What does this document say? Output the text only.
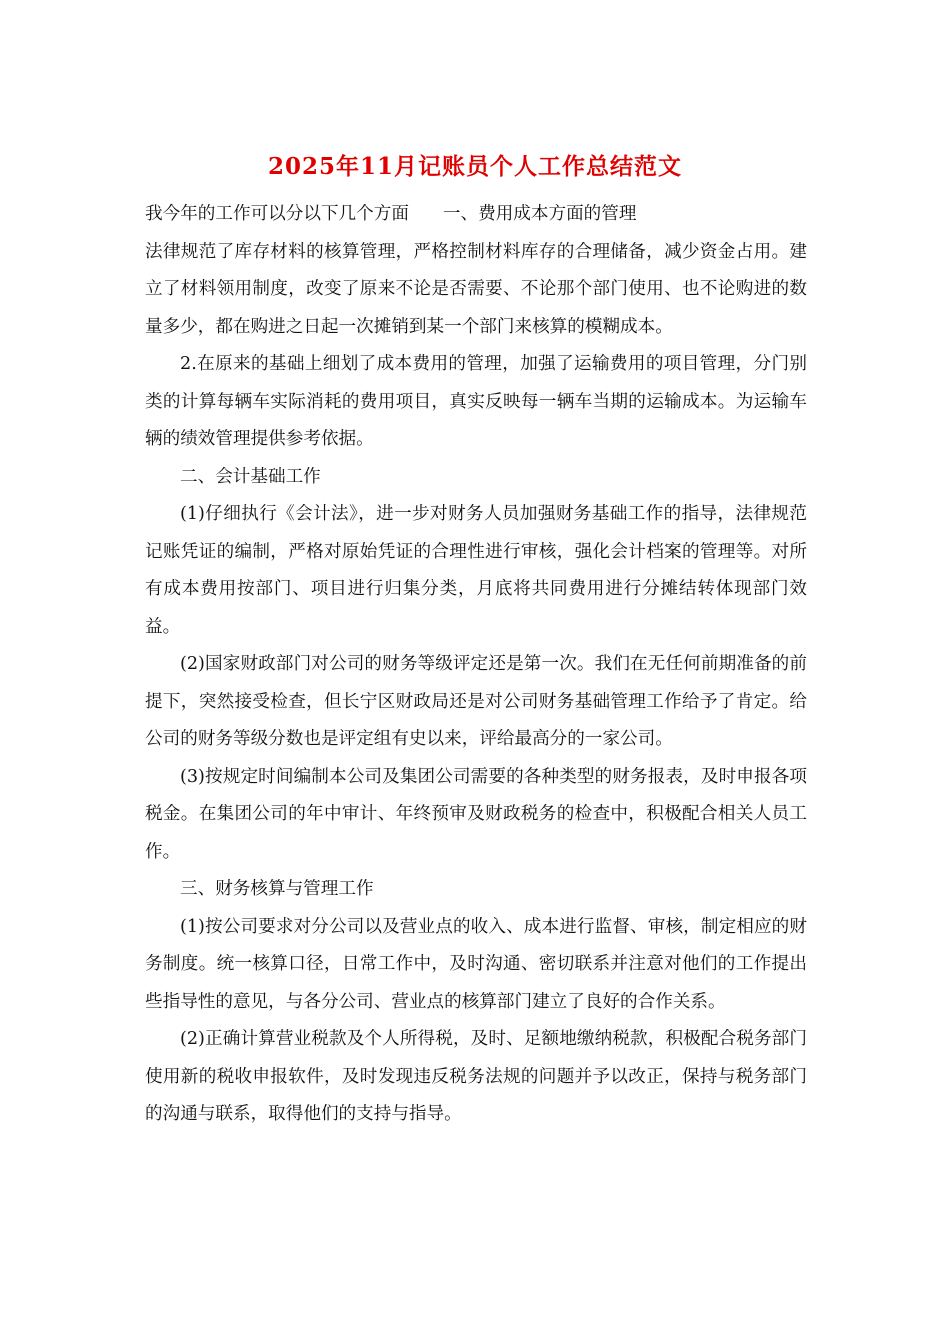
2025年11月记账员个人工作总结范文

我今年的工作可以分以下几个方面 一、费用成本方面的管理

法律规范了库存材料的核算管理，严格控制材料库存的合理储备，减少资金占用。建立了材料领用制度，改变了原来不论是否需要、不论那个部门使用、也不论购进的数量多少，都在购进之日起一次摊销到某一个部门来核算的模糊成本。

2.在原来的基础上细划了成本费用的管理，加强了运输费用的项目管理，分门别类的计算每辆车实际消耗的费用项目，真实反映每一辆车当期的运输成本。为运输车辆的绩效管理提供参考依据。

二、会计基础工作

(1)仔细执行《会计法》，进一步对财务人员加强财务基础工作的指导，法律规范记账凭证的编制，严格对原始凭证的合理性进行审核，强化会计档案的管理等。对所有成本费用按部门、项目进行归集分类，月底将共同费用进行分摊结转体现部门效益。

(2)国家财政部门对公司的财务等级评定还是第一次。我们在无任何前期准备的前提下，突然接受检查，但长宁区财政局还是对公司财务基础管理工作给予了肯定。给公司的财务等级分数也是评定组有史以来，评给最高分的一家公司。

(3)按规定时间编制本公司及集团公司需要的各种类型的财务报表，及时申报各项税金。在集团公司的年中审计、年终预审及财政税务的检查中，积极配合相关人员工作。

三、财务核算与管理工作

(1)按公司要求对分公司以及营业点的收入、成本进行监督、审核，制定相应的财务制度。统一核算口径，日常工作中，及时沟通、密切联系并注意对他们的工作提出些指导性的意见，与各分公司、营业点的核算部门建立了良好的合作关系。

(2)正确计算营业税款及个人所得税，及时、足额地缴纳税款，积极配合税务部门使用新的税收申报软件，及时发现违反税务法规的问题并予以改正，保持与税务部门的沟通与联系，取得他们的支持与指导。
